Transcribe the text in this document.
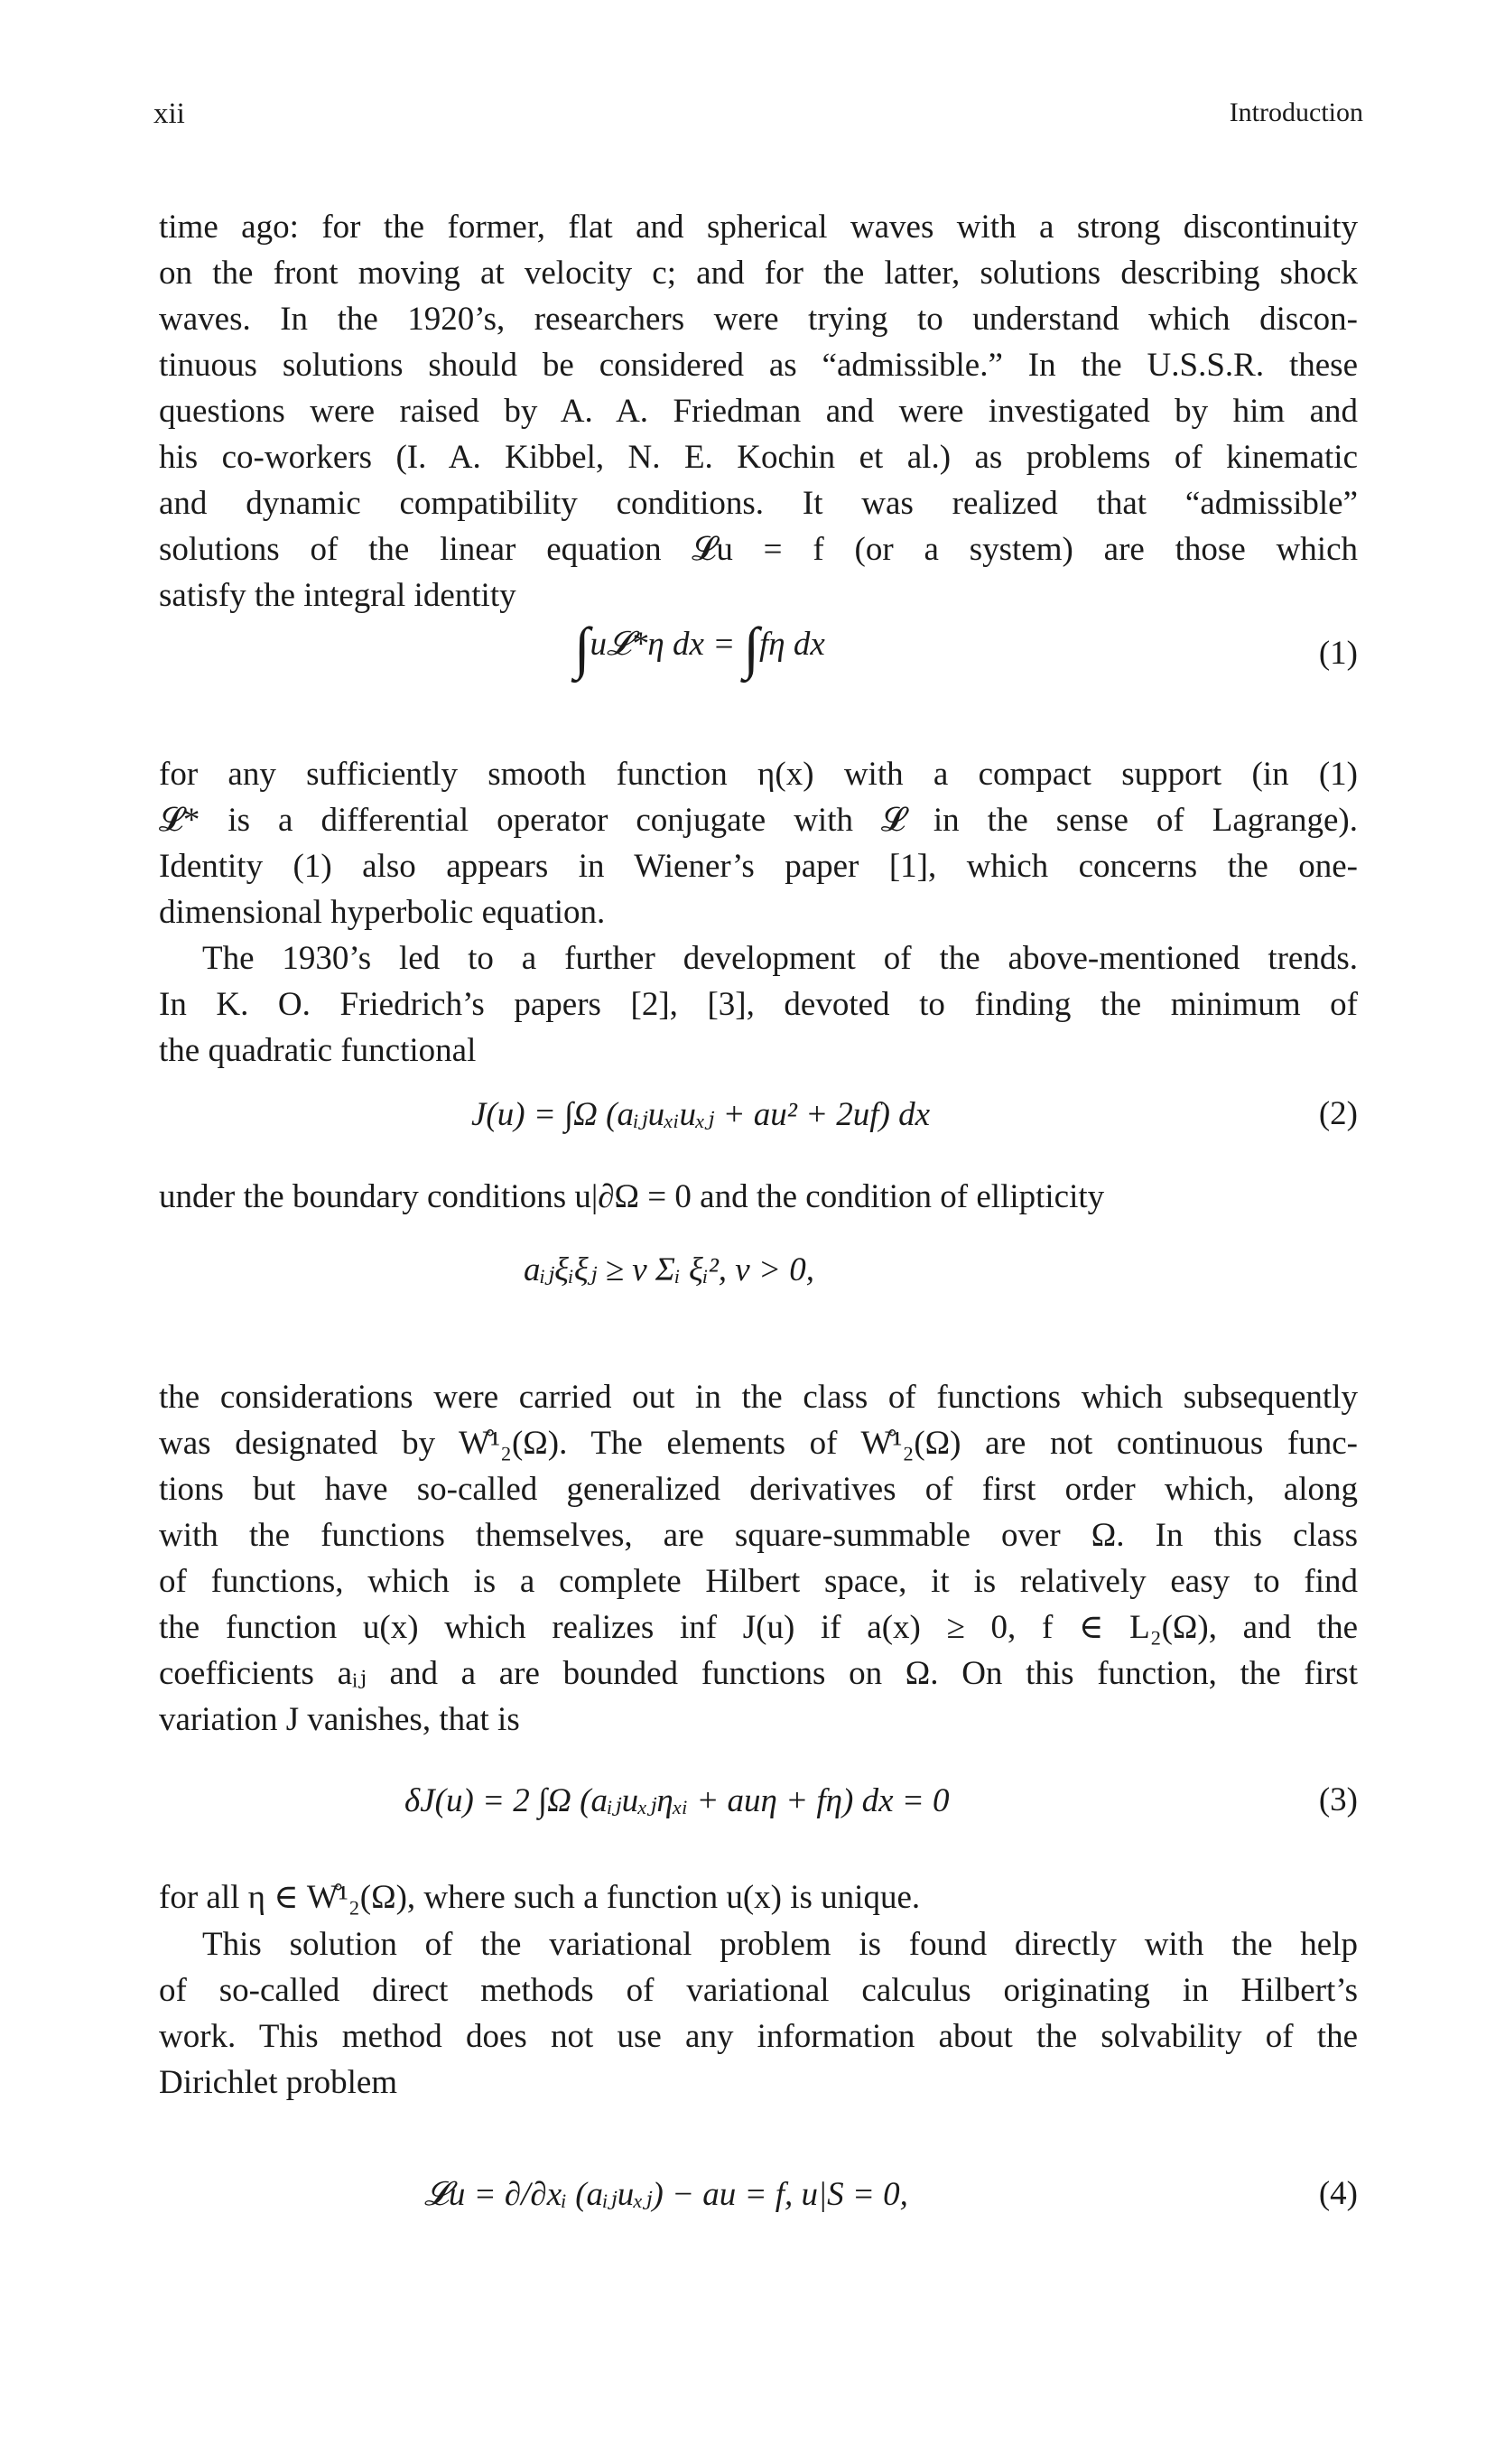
xii	Introduction
time ago: for the former, flat and spherical waves with a strong discontinuity
on the front moving at velocity c; and for the latter, solutions describing shock
waves. In the 1920’s, researchers were trying to understand which discon-
tinuous solutions should be considered as “admissible.” In the U.S.S.R. these
questions were raised by A. A. Friedman and were investigated by him and
his co-workers (I. A. Kibbel, N. E. Kochin et al.) as problems of kinematic
and dynamic compatibility conditions. It was realized that “admissible”
solutions of the linear equation 𝓛u = f (or a system) are those which
satisfy the integral identity
∫u𝓛*η dx = ∫fη dx	(1)
for any sufficiently smooth function η(x) with a compact support (in (1)
𝓛* is a differential operator conjugate with 𝓛 in the sense of Lagrange).
Identity (1) also appears in Wiener’s paper [1], which concerns the one-
dimensional hyperbolic equation.
The 1930’s led to a further development of the above-mentioned trends.
In K. O. Friedrich’s papers [2], [3], devoted to finding the minimum of
the quadratic functional
J(u) = ∫Ω (aᵢⱼuₓᵢuₓⱼ + au² + 2uf) dx	(2)
under the boundary conditions u|∂Ω = 0 and the condition of ellipticity
aᵢⱼξᵢξⱼ ≥ ν Σᵢ ξᵢ², ν > 0,
the considerations were carried out in the class of functions which subsequently
was designated by W̊¹₂(Ω). The elements of W̊¹₂(Ω) are not continuous func-
tions but have so-called generalized derivatives of first order which, along
with the functions themselves, are square-summable over Ω. In this class
of functions, which is a complete Hilbert space, it is relatively easy to find
the function u(x) which realizes inf J(u) if a(x) ≥ 0, f ∈ L₂(Ω), and the
coefficients aᵢⱼ and a are bounded functions on Ω. On this function, the first
variation J vanishes, that is
δJ(u) = 2 ∫Ω (aᵢⱼuₓⱼηₓᵢ + auη + fη) dx = 0	(3)
for all η ∈ W̊¹₂(Ω), where such a function u(x) is unique.
This solution of the variational problem is found directly with the help
of so-called direct methods of variational calculus originating in Hilbert’s
work. This method does not use any information about the solvability of the
Dirichlet problem
𝓛u = ∂/∂xᵢ (aᵢⱼuₓⱼ) − au = f, u|S = 0,	(4)
